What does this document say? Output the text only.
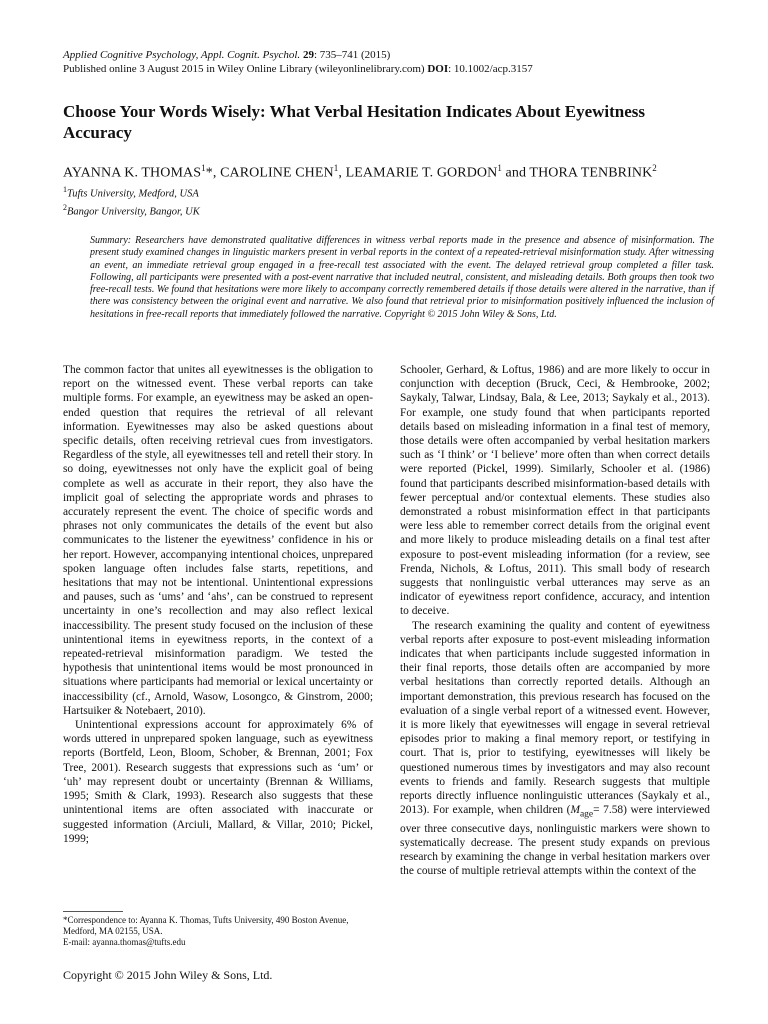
Applied Cognitive Psychology, Appl. Cognit. Psychol. 29: 735–741 (2015)
Published online 3 August 2015 in Wiley Online Library (wileyonlinelibrary.com) DOI: 10.1002/acp.3157
Choose Your Words Wisely: What Verbal Hesitation Indicates About Eyewitness Accuracy
AYANNA K. THOMAS$^1$*, CAROLINE CHEN$^1$, LEAMARIE T. GORDON$^1$ and THORA TENBRINK$^2$
$^1$Tufts University, Medford, USA
$^2$Bangor University, Bangor, UK

Summary: Researchers have demonstrated qualitative differences in witness verbal reports made in the presence and absence of misinformation. The present study examined changes in linguistic markers present in verbal reports in the context of a repeated-retrieval misinformation study. After witnessing an event, an immediate retrieval group engaged in a free-recall test associated with the event. The delayed retrieval group completed a filler task. Following, all participants were presented with a post-event narrative that included neutral, consistent, and misleading details. Both groups then took two free-recall tests. We found that hesitations were more likely to accompany correctly remembered details if those details were altered in the narrative, than if there was consistency between the original event and narrative. We also found that retrieval prior to misinformation positively influenced the inclusion of hesitations in free-recall reports that immediately followed the narrative. Copyright © 2015 John Wiley & Sons, Ltd.

The common factor that unites all eyewitnesses is the obligation to report on the witnessed event. These verbal reports can take multiple forms. For example, an eyewitness may be asked an open-ended question that requires the retrieval of all relevant information. Eyewitnesses may also be asked questions about specific details, often receiving retrieval cues from investigators. Regardless of the style, all eyewitnesses tell and retell their story. In so doing, eyewitnesses not only have the explicit goal of being complete as well as accurate in their report, they also have the implicit goal of selecting the appropriate words and phrases to accurately represent the event. The choice of specific words and phrases not only communicates the details of the event but also communicates to the listener the eyewitness’ confidence in his or her report. However, accompanying intentional choices, unprepared spoken language often includes false starts, repetitions, and hesitations that may not be intentional. Unintentional expressions and pauses, such as ‘ums’ and ‘ahs’, can be construed to represent uncertainty in one’s recollection and may also reflect lexical inaccessibility. The present study focused on the inclusion of these unintentional items in eyewitness reports, in the context of a repeated-retrieval misinformation paradigm. We tested the hypothesis that unintentional items would be most pronounced in situations where participants had memorial or lexical uncertainty or inaccessibility (cf., Arnold, Wasow, Losongco, & Ginstrom, 2000; Hartsuiker & Notebaert, 2010).

Unintentional expressions account for approximately 6% of words uttered in unprepared spoken language, such as eyewitness reports (Bortfeld, Leon, Bloom, Schober, & Brennan, 2001; Fox Tree, 2001). Research suggests that expressions such as ‘um’ or ‘uh’ may represent doubt or uncertainty (Brennan & Williams, 1995; Smith & Clark, 1993). Research also suggests that these unintentional items are often associated with inaccurate or suggested information (Arciuli, Mallard, & Villar, 2010; Pickel, 1999;

Schooler, Gerhard, & Loftus, 1986) and are more likely to occur in conjunction with deception (Bruck, Ceci, & Hembrooke, 2002; Saykaly, Talwar, Lindsay, Bala, & Lee, 2013; Saykaly et al., 2013). For example, one study found that when participants reported details based on misleading information in a final test of memory, those details were often accompanied by verbal hesitation markers such as ‘I think’ or ‘I believe’ more often than when correct details were reported (Pickel, 1999). Similarly, Schooler et al. (1986) found that participants described misinformation-based details with fewer perceptual and/or contextual elements. These studies also demonstrated a robust misinformation effect in that participants were less able to remember correct details from the original event and more likely to produce misleading details on a final test after exposure to post-event misleading information (for a review, see Frenda, Nichols, & Loftus, 2011). This small body of research suggests that nonlinguistic verbal utterances may serve as an indicator of eyewitness report confidence, accuracy, and intention to deceive.

The research examining the quality and content of eyewitness verbal reports after exposure to post-event misleading information indicates that when participants include suggested information in their final reports, those details often are accompanied by more verbal hesitations than correctly reported details. Although an important demonstration, this previous research has focused on the evaluation of a single verbal report of a witnessed event. However, it is more likely that eyewitnesses will engage in several retrieval episodes prior to making a final memory report, or testifying in court. That is, prior to testifying, eyewitnesses will likely be questioned numerous times by investigators and may also recount events to friends and family. Research suggests that multiple reports directly influence nonlinguistic utterances (Saykaly et al., 2013). For example, when children $(M_{age}= 7.58)$ were interviewed over three consecutive days, nonlinguistic markers were shown to systematically decrease. The present study expands on previous research by examining the change in verbal hesitation markers over the course of multiple retrieval attempts within the context of the

*Correspondence to: Ayanna K. Thomas, Tufts University, 490 Boston Avenue, Medford, MA 02155, USA.
E-mail: ayanna.thomas@tufts.edu
Copyright © 2015 John Wiley & Sons, Ltd.
